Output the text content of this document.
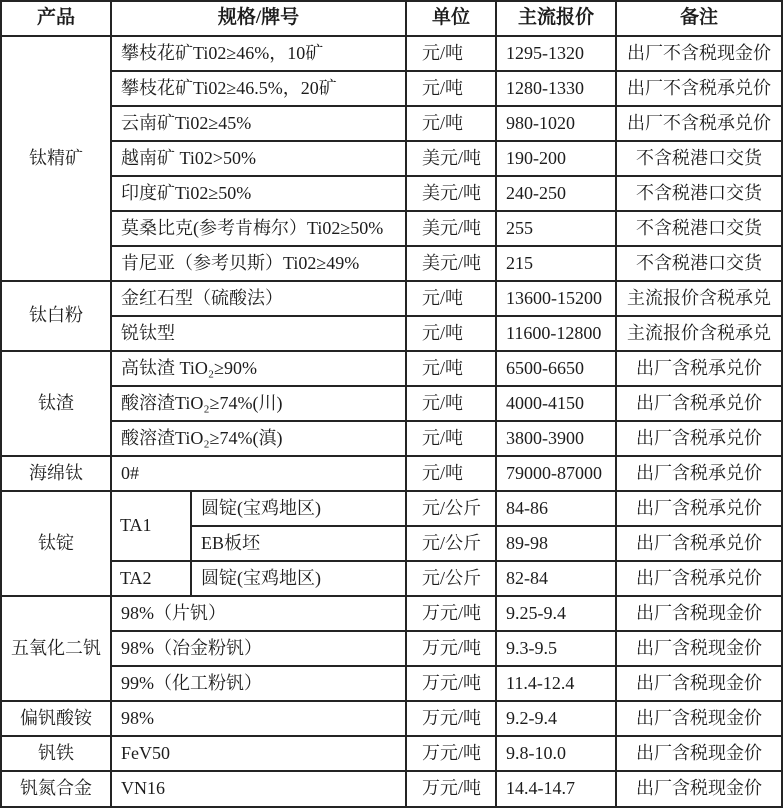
产品	规格/牌号		单位	主流报价	备注
钛精矿	攀枝花矿Ti02≥46%，10矿		元/吨	1295-1320	出厂不含税现金价
	攀枝花矿Ti02≥46.5%，20矿		元/吨	1280-1330	出厂不含税承兑价
	云南矿Ti02≥45%		元/吨	980-1020	出厂不含税承兑价
	越南矿 Ti02>50%		美元/吨	190-200	不含税港口交货
	印度矿Ti02≥50%		美元/吨	240-250	不含税港口交货
	莫桑比克(参考肯梅尔）Ti02≥50%		美元/吨	255	不含税港口交货
	肯尼亚（参考贝斯）Ti02≥49%		美元/吨	215	不含税港口交货
钛白粉	金红石型（硫酸法）		元/吨	13600-15200	主流报价含税承兑
	锐钛型		元/吨	11600-12800	主流报价含税承兑
钛渣	高钛渣 TiO₂≥90%		元/吨	6500-6650	出厂含税承兑价
	酸溶渣TiO₂≥74%(川)		元/吨	4000-4150	出厂含税承兑价
	酸溶渣TiO₂≥74%(滇)		元/吨	3800-3900	出厂含税承兑价
海绵钛	0#		元/吨	79000-87000	出厂含税承兑价
钛锭	TA1	圆锭(宝鸡地区)	元/公斤	84-86	出厂含税承兑价
		EB板坯	元/公斤	89-98	出厂含税承兑价
	TA2	圆锭(宝鸡地区)	元/公斤	82-84	出厂含税承兑价
五氧化二钒	98%（片钒）		万元/吨	9.25-9.4	出厂含税现金价
	98%（冶金粉钒）		万元/吨	9.3-9.5	出厂含税现金价
	99%（化工粉钒）		万元/吨	11.4-12.4	出厂含税现金价
偏钒酸铵	98%		万元/吨	9.2-9.4	出厂含税现金价
钒铁	FeV50		万元/吨	9.8-10.0	出厂含税现金价
钒氮合金	VN16		万元/吨	14.4-14.7	出厂含税现金价
